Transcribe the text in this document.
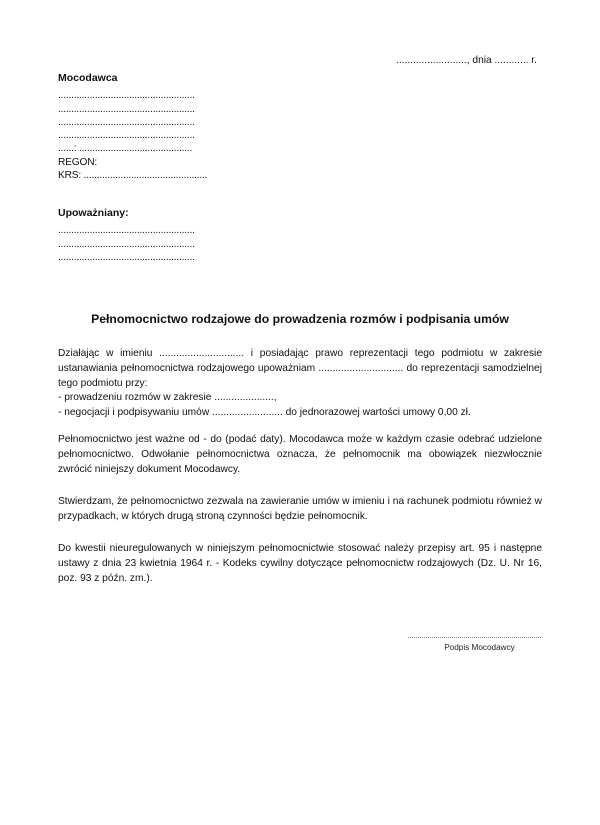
........................., dnia ............ r.
Mocodawca
....................................................
....................................................
....................................................
....................................................
......: ...........................................
REGON:
KRS: ...............................................
Upoważniany:
....................................................
....................................................
....................................................
Pełnomocnictwo rodzajowe do prowadzenia rozmów i podpisania umów

Działając w imieniu .............................. i posiadając prawo reprezentacji tego podmiotu w zakresie ustanawiania pełnomocnictwa rodzajowego upoważniam .............................. do reprezentacji samodzielnej tego podmiotu przy:

- prowadzeniu rozmów w zakresie .....................,
- negocjacji i podpisywaniu umów ......................... do jednorazowej wartości umowy 0,00 zł.

Pełnomocnictwo jest ważne od - do (podać daty). Mocodawca może w każdym czasie odebrać udzielone pełnomocnictwo. Odwołanie pełnomocnictwa oznacza, że pełnomocnik ma obowiązek niezwłocznie zwrócić niniejszy dokument Mocodawcy.

Stwierdzam, że pełnomocnictwo zezwala na zawieranie umów w imieniu i na rachunek podmiotu również w przypadkach, w których drugą stroną czynności będzie pełnomocnik.

Do kwestii nieuregulowanych w niniejszym pełnomocnictwie stosować należy przepisy art. 95 i następne ustawy z dnia 23 kwietnia 1964 r. - Kodeks cywilny dotyczące pełnomocnictw rodzajowych (Dz. U. Nr 16, poz. 93 z późn. zm.).

Podpis Mocodawcy
